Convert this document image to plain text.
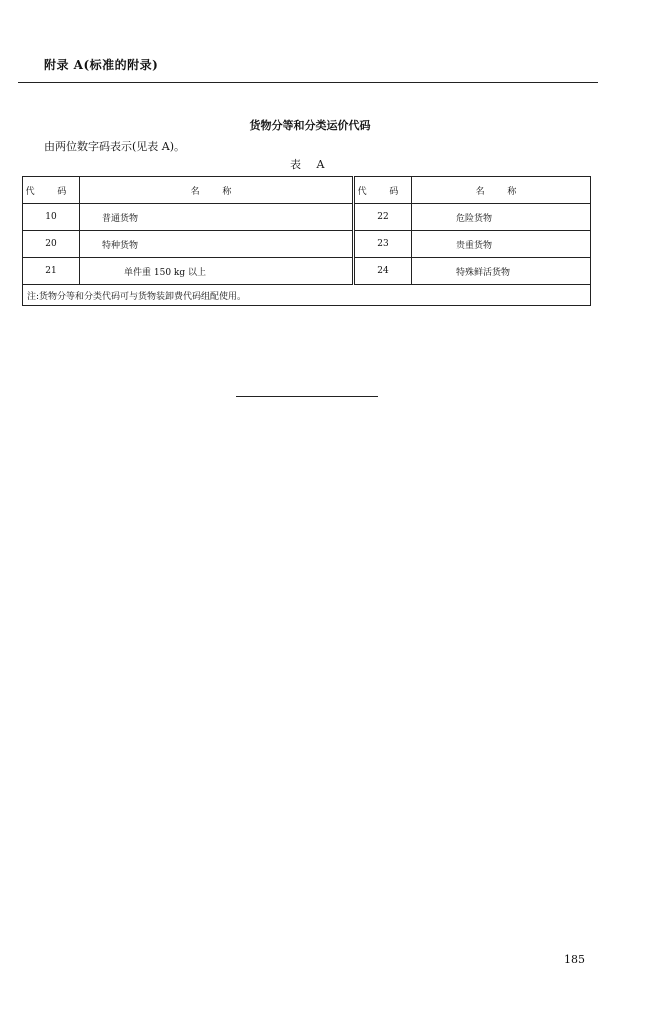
附录 A(标准的附录)
货物分等和分类运价代码
由两位数字码表示(见表 A)。
表 A
代 码	名 称	代 码	名 称
10	普通货物	22	危险货物
20	特种货物	23	贵重货物
21	单件重 150 kg 以上	24	特殊鲜活货物
注:货物分等和分类代码可与货物装卸费代码组配使用。			
185
